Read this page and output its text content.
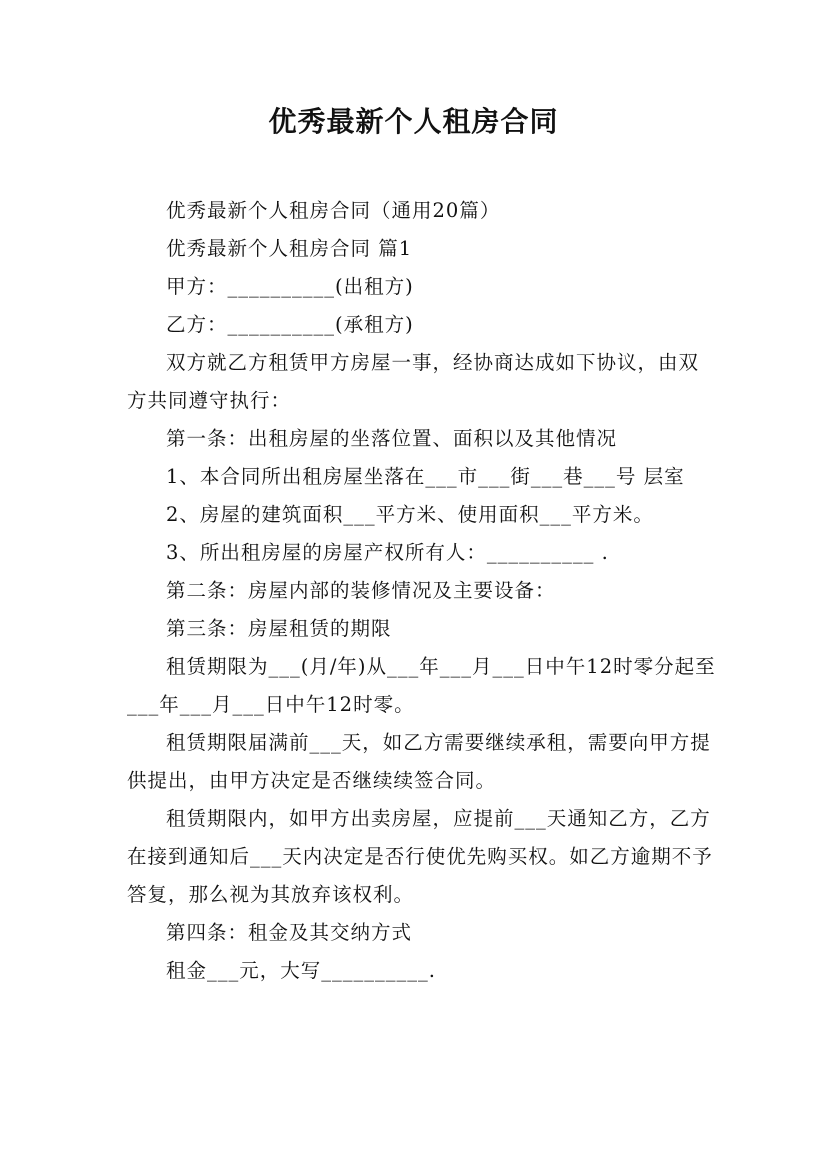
优秀最新个人租房合同

优秀最新个人租房合同（通用20篇）

优秀最新个人租房合同 篇1

甲方：__________(出租方)

乙方：__________(承租方)

双方就乙方租赁甲方房屋一事，经协商达成如下协议，由双方共同遵守执行：

第一条：出租房屋的坐落位置、面积以及其他情况

1、本合同所出租房屋坐落在___市___街___巷___号 层室

2、房屋的建筑面积___平方米、使用面积___平方米。

3、所出租房屋的房屋产权所有人：__________ .

第二条：房屋内部的装修情况及主要设备：

第三条：房屋租赁的期限

租赁期限为___(月/年)从___年___月___日中午12时零分起至___年___月___日中午12时零。

租赁期限届满前___天，如乙方需要继续承租，需要向甲方提供提出，由甲方决定是否继续续签合同。

租赁期限内，如甲方出卖房屋，应提前___天通知乙方，乙方在接到通知后___天内决定是否行使优先购买权。如乙方逾期不予答复，那么视为其放弃该权利。

第四条：租金及其交纳方式

租金___元，大写__________.
